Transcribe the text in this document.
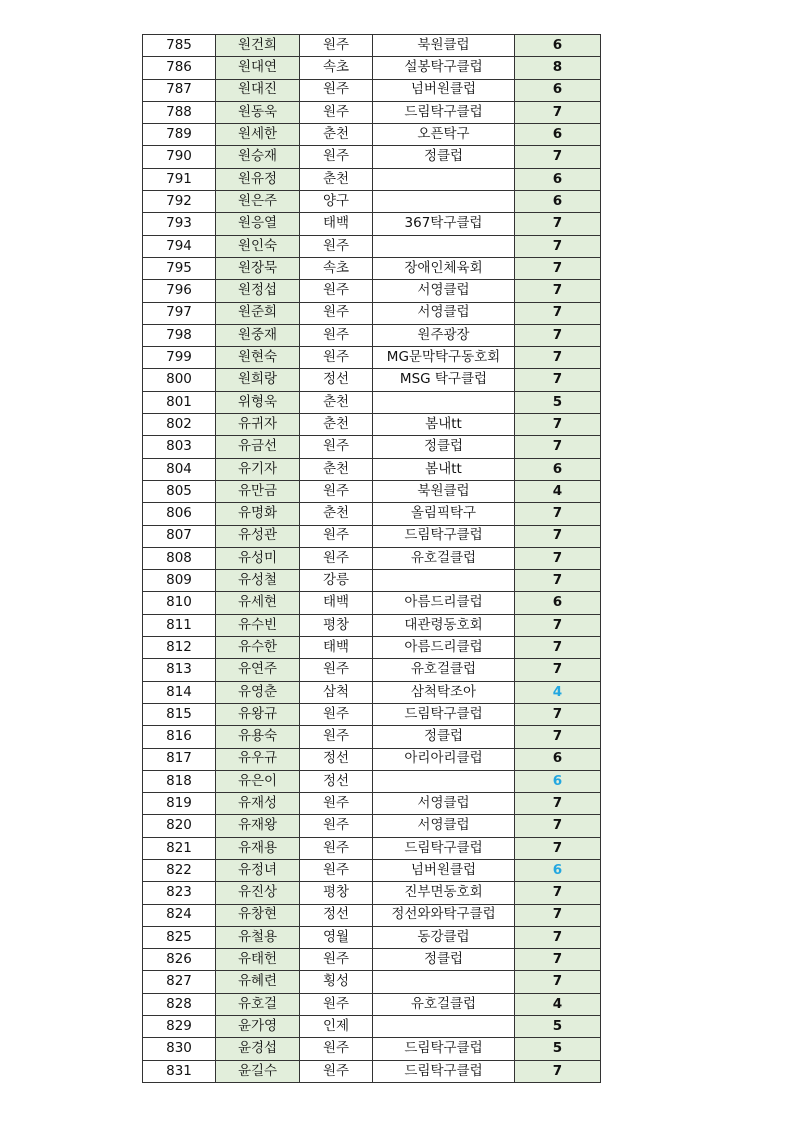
785	원건희	원주	북원클럽	6
786	원대연	속초	설봉탁구클럽	8
787	원대진	원주	넘버원클럽	6
788	원동욱	원주	드림탁구클럽	7
789	원세한	춘천	오픈탁구	6
790	원승재	원주	정클럽	7
791	원유정	춘천		6
792	원은주	양구		6
793	원응열	태백	367탁구클럽	7
794	원인숙	원주		7
795	원장묵	속초	장애인체육회	7
796	원정섭	원주	서영클럽	7
797	원준희	원주	서영클럽	7
798	원중재	원주	원주광장	7
799	원현숙	원주	MG문막탁구동호회	7
800	원희랑	정선	MSG 탁구클럽	7
801	위형욱	춘천		5
802	유귀자	춘천	봄내tt	7
803	유금선	원주	정클럽	7
804	유기자	춘천	봄내tt	6
805	유만금	원주	북원클럽	4
806	유명화	춘천	올림픽탁구	7
807	유성관	원주	드림탁구클럽	7
808	유성미	원주	유호걸클럽	7
809	유성철	강릉		7
810	유세현	태백	아름드리클럽	6
811	유수빈	평창	대관령동호회	7
812	유수한	태백	아름드리클럽	7
813	유연주	원주	유호걸클럽	7
814	유영춘	삼척	삼척탁조아	4
815	유왕규	원주	드림탁구클럽	7
816	유용숙	원주	정클럽	7
817	유우규	정선	아리아리클럽	6
818	유은이	정선		6
819	유재성	원주	서영클럽	7
820	유재왕	원주	서영클럽	7
821	유재용	원주	드림탁구클럽	7
822	유정녀	원주	넘버원클럽	6
823	유진상	평창	진부면동호회	7
824	유창현	정선	정선와와탁구클럽	7
825	유철용	영월	동강클럽	7
826	유태헌	원주	정클럽	7
827	유혜련	횡성		7
828	유호걸	원주	유호걸클럽	4
829	윤가영	인제		5
830	윤경섭	원주	드림탁구클럽	5
831	윤길수	원주	드림탁구클럽	7
